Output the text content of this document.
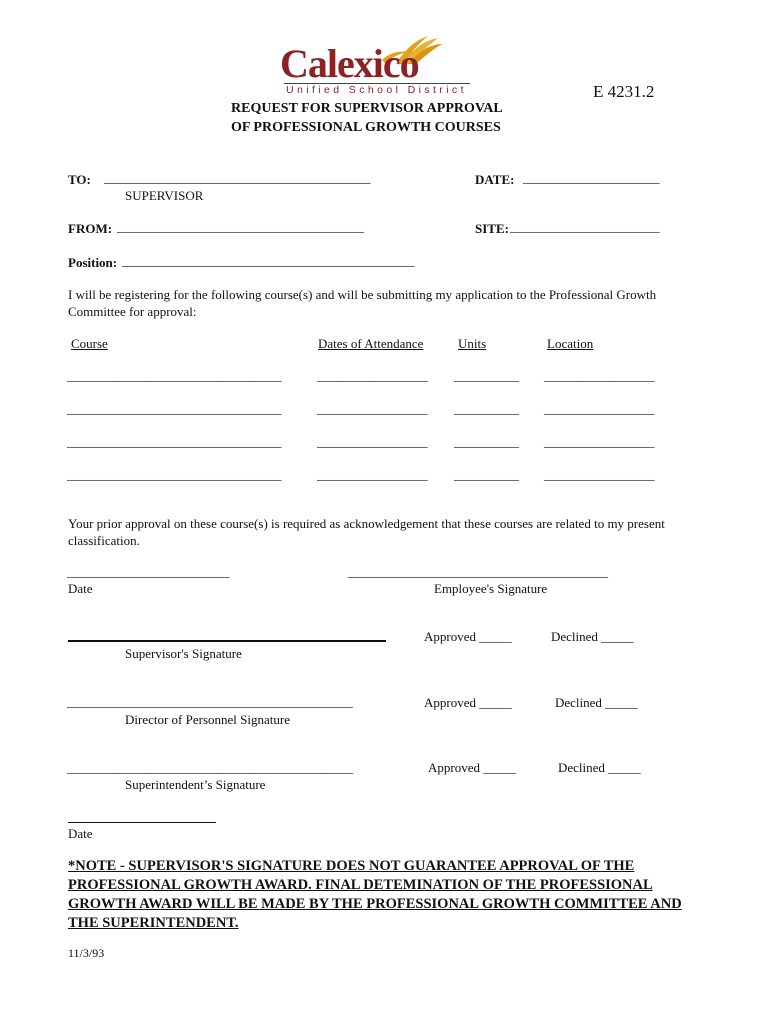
Calexico
Unified School District	E 4231.2
REQUEST FOR SUPERVISOR APPROVAL
OF PROFESSIONAL GROWTH COURSES
TO: _________________________________________
SUPERVISOR
DATE: _____________________
FROM: ______________________________________	SITE: _______________________
Position: _____________________________________________
I will be registering for the following course(s) and will be submitting my application to the Professional Growth Committee for approval:
Course	Dates of Attendance	Units	Location
_________________________________	_________________ __________ _________________
_________________________________	_________________ __________ _________________
_________________________________	_________________ __________ _________________
_________________________________	_________________ __________ _________________
Your prior approval on these course(s) is required as acknowledgement that these courses are related to my present classification.
_________________________	________________________________________
Date	Employee's Signature
Supervisor's Signature
Approved _____	Declined _____
____________________________________________
Director of Personnel Signature
Approved _____	Declined _____
____________________________________________
Superintendent’s Signature
Approved _____	Declined _____
Date
*NOTE - SUPERVISOR'S SIGNATURE DOES NOT GUARANTEE APPROVAL OF THE PROFESSIONAL GROWTH AWARD. FINAL DETEMINATION OF THE PROFESSIONAL GROWTH AWARD WILL BE MADE BY THE PROFESSIONAL GROWTH COMMITTEE AND THE SUPERINTENDENT.
11/3/93
